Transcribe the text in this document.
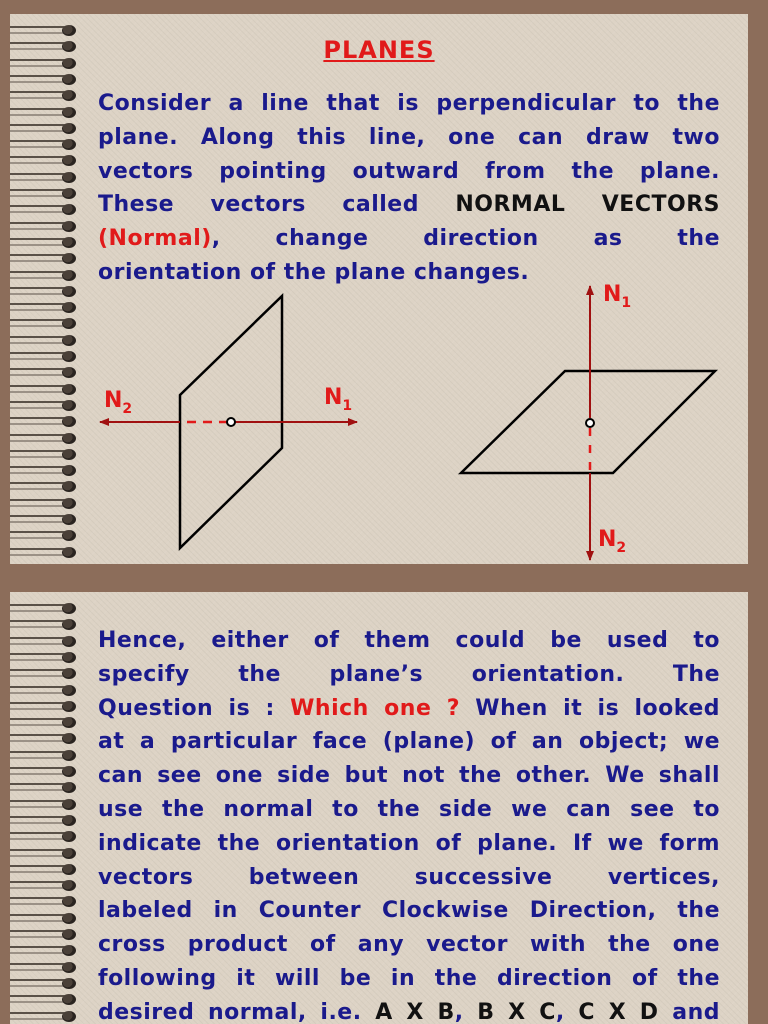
PLANES
Consider a line that is perpendicular to the
plane. Along this line, one can draw two
vectors pointing outward from the plane.
These vectors called NORMAL VECTORS
(Normal), change direction as the
orientation of the plane changes.
$N_2$	$N_1$
$N_1$
$N_2$
Hence, either of them could be used to
specify the plane’s orientation. The
Question is : Which one ? When it is looked
at a particular face (plane) of an object; we
can see one side but not the other. We shall
use the normal to the side we can see to
indicate the orientation of plane. If we form
vectors between successive vertices,
labeled in Counter Clockwise Direction, the
cross product of any vector with the one
following it will be in the direction of the
desired normal, i.e. A X B, B X C, C X D and
